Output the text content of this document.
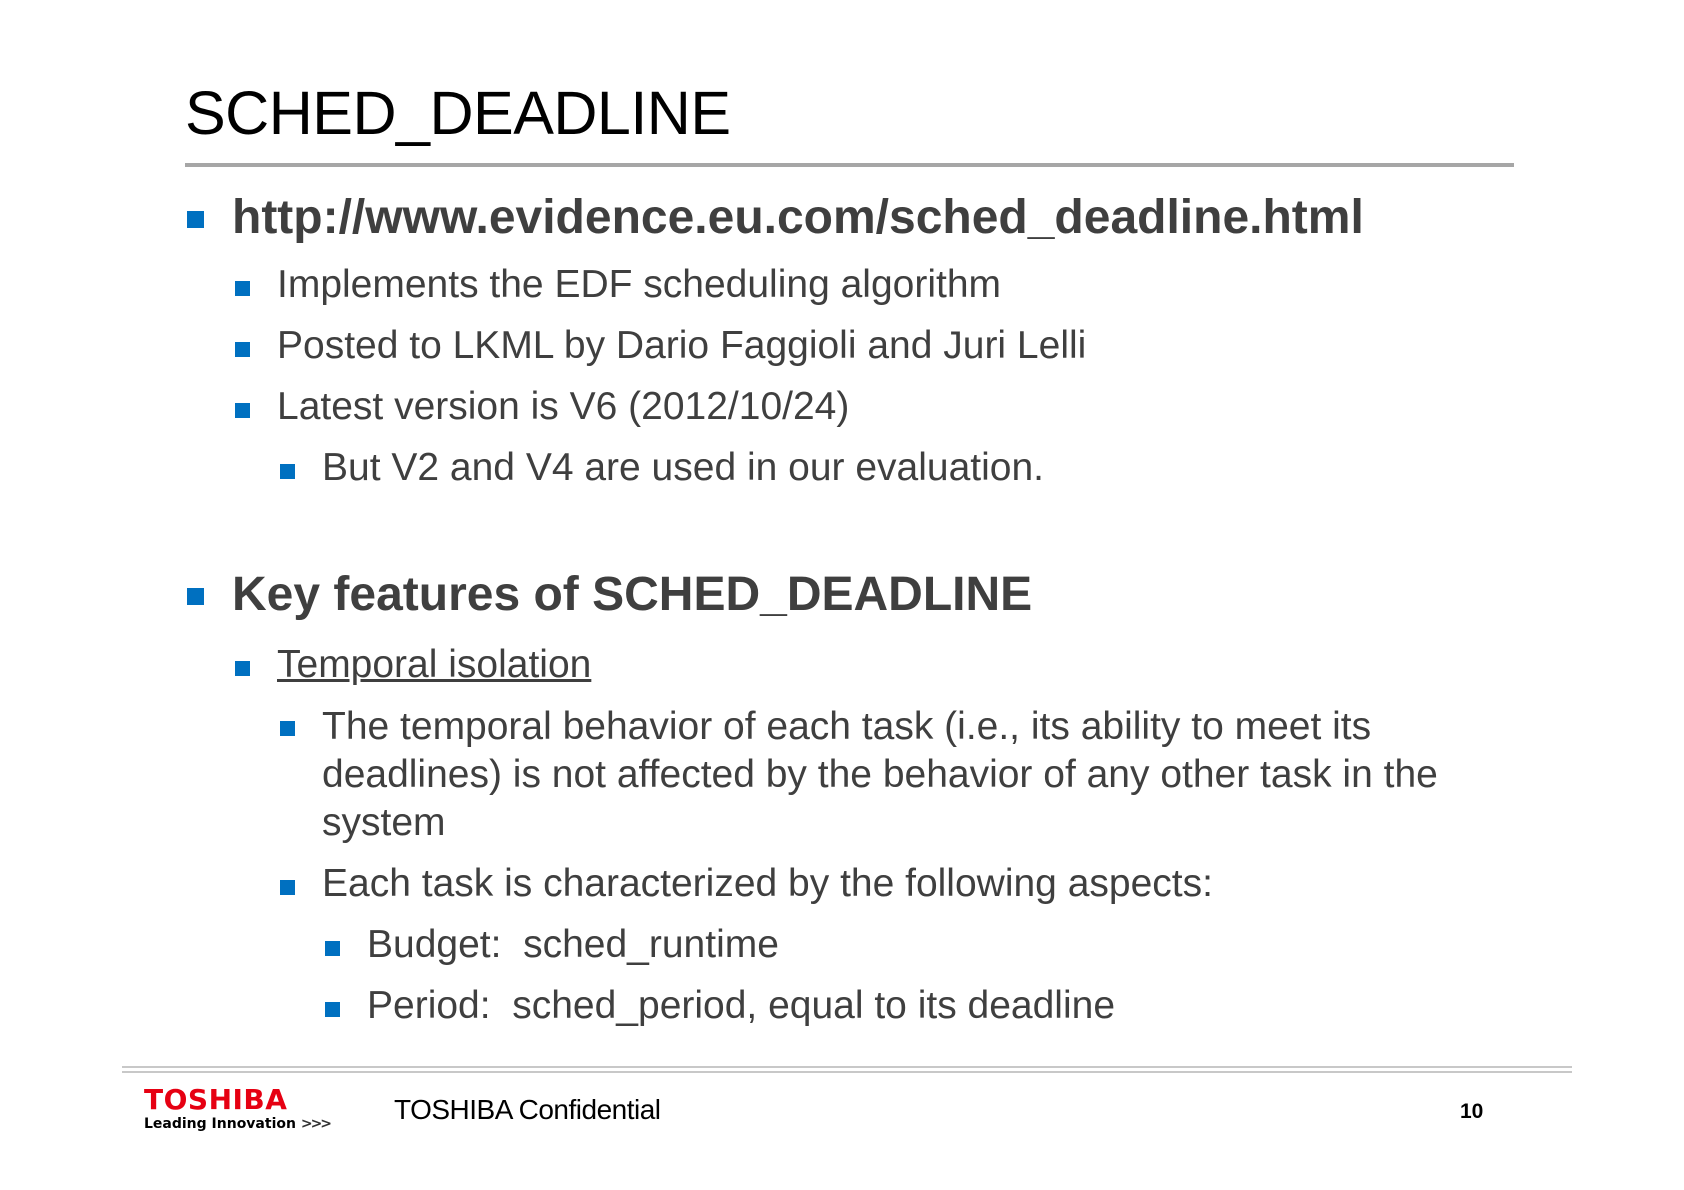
SCHED_DEADLINE
http://www.evidence.eu.com/sched_deadline.html
Implements the EDF scheduling algorithm
Posted to LKML by Dario Faggioli and Juri Lelli
Latest version is V6 (2012/10/24)
But V2 and V4 are used in our evaluation.
Key features of SCHED_DEADLINE
Temporal isolation
The temporal behavior of each task (i.e., its ability to meet its deadlines) is not affected by the behavior of any other task in the system
Each task is characterized by the following aspects:
Budget:  sched_runtime
Period:  sched_period, equal to its deadline
TOSHIBA
Leading Innovation >>> TOSHIBA Confidential	10
